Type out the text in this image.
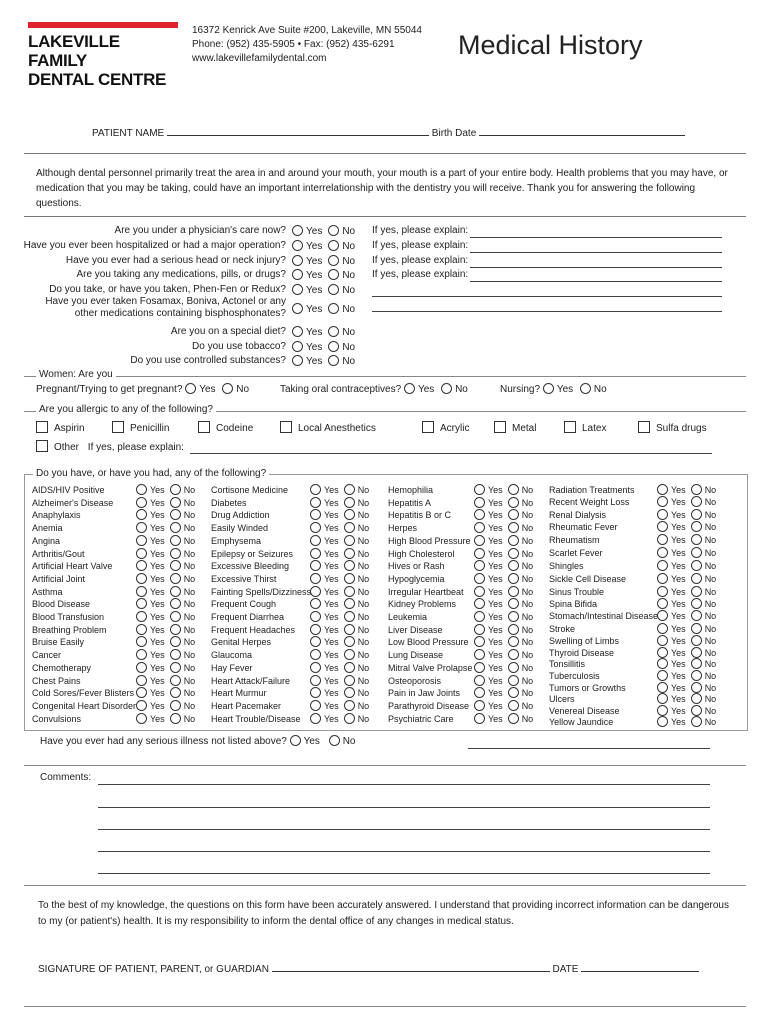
LAKEVILLE FAMILY
DENTAL CENTRE
16372 Kenrick Ave Suite #200, Lakeville, MN 55044
Phone: (952) 435-5905 • Fax: (952) 435-6291
www.lakevillefamilydental.com	Medical History
PATIENT NAME	Birth Date

Although dental personnel primarily treat the area in and around your mouth, your mouth is a part of your entire body. Health problems that you may have, or medication that you may be taking, could have an important interrelationship with the dentistry you will receive. Thank you for answering the following questions.

Are you under a physician's care now?	Yes No If yes, please explain:
Have you ever been hospitalized or had a major operation?	Yes No If yes, please explain:
Have you ever had a serious head or neck injury?	Yes No If yes, please explain:
Are you taking any medications, pills, or drugs?	Yes No If yes, please explain:
Do you take, or have you taken, Phen-Fen or Redux?	Yes No
Have you ever taken Fosamax, Boniva, Actonel or any
other medications containing bisphosphonates?	Yes No
Are you on a special diet?	Yes No
Do you use tobacco?	Yes No
Do you use controlled substances?	Yes No
Women: Are you
Pregnant/Trying to get pregnant? Yes No	Taking oral contraceptives? Yes No	Nursing? Yes No
Are you allergic to any of the following?
Aspirin	Penicillin	Codeine	Local Anesthetics	Acrylic	Metal	Latex	Sulfa drugs
Other If yes, please explain:
Do you have, or have you had, any of the following?
AIDS/HIV Positive	Yes No
Alzheimer's Disease	Yes No
Anaphylaxis	Yes No
Anemia	Yes No
Angina	Yes No
Arthritis/Gout	Yes No
Artificial Heart Valve	Yes No
Artificial Joint	Yes No
Asthma	Yes No
Blood Disease	Yes No
Blood Transfusion	Yes No
Breathing Problem	Yes No
Bruise Easily	Yes No
Cancer	Yes No
Chemotherapy	Yes No
Chest Pains	Yes No
Cold Sores/Fever Blisters	Yes No
Congenital Heart Disorder	Yes No
Convulsions	Yes No
Cortisone Medicine	Yes No
Diabetes	Yes No
Drug Addiction	Yes No
Easily Winded	Yes No
Emphysema	Yes No
Epilepsy or Seizures	Yes No
Excessive Bleeding	Yes No
Excessive Thirst	Yes No
Fainting Spells/Dizziness	Yes No
Frequent Cough	Yes No
Frequent Diarrhea	Yes No
Frequent Headaches	Yes No
Genital Herpes	Yes No
Glaucoma	Yes No
Hay Fever	Yes No
Heart Attack/Failure	Yes No
Heart Murmur	Yes No
Heart Pacemaker	Yes No
Heart Trouble/Disease	Yes No
Hemophilia	Yes No
Hepatitis A	Yes No
Hepatitis B or C	Yes No
Herpes	Yes No
High Blood Pressure	Yes No
High Cholesterol	Yes No
Hives or Rash	Yes No
Hypoglycemia	Yes No
Irregular Heartbeat	Yes No
Kidney Problems	Yes No
Leukemia	Yes No
Liver Disease	Yes No
Low Blood Pressure	Yes No
Lung Disease	Yes No
Mitral Valve Prolapse	Yes No
Osteoporosis	Yes No
Pain in Jaw Joints	Yes No
Parathyroid Disease	Yes No
Psychiatric Care	Yes No
Radiation Treatments	Yes No
Recent Weight Loss	Yes No
Renal Dialysis	Yes No
Rheumatic Fever	Yes No
Rheumatism	Yes No
Scarlet Fever	Yes No
Shingles	Yes No
Sickle Cell Disease	Yes No
Sinus Trouble	Yes No
Spina Bifida	Yes No
Stomach/Intestinal Disease	Yes No
Stroke	Yes No
Swelling of Limbs	Yes No
Thyroid Disease	Yes No
Tonsillitis	Yes No
Tuberculosis	Yes No
Tumors or Growths	Yes No
Ulcers	Yes No
Venereal Disease	Yes No
Yellow Jaundice	Yes No
Have you ever had any serious illness not listed above? Yes No
Comments:

To the best of my knowledge, the questions on this form have been accurately answered. I understand that providing incorrect information can be dangerous to my (or patient's) health. It is my responsibility to inform the dental office of any changes in medical status.

SIGNATURE OF PATIENT, PARENT, or GUARDIAN	DATE
